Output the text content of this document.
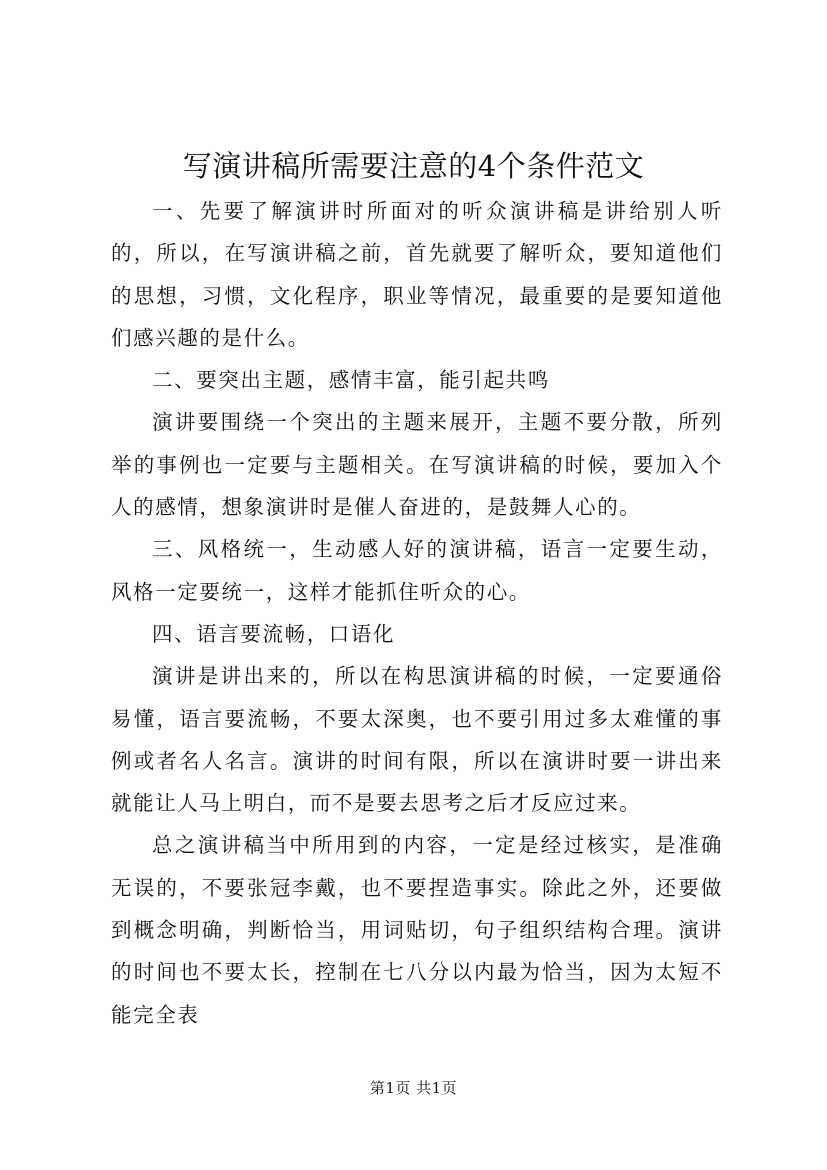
写演讲稿所需要注意的4个条件范文

一、先要了解演讲时所面对的听众演讲稿是讲给别人听的，所以，在写演讲稿之前，首先就要了解听众，要知道他们的思想，习惯，文化程序，职业等情况，最重要的是要知道他们感兴趣的是什么。

二、要突出主题，感情丰富，能引起共鸣

演讲要围绕一个突出的主题来展开，主题不要分散，所列举的事例也一定要与主题相关。在写演讲稿的时候，要加入个人的感情，想象演讲时是催人奋进的，是鼓舞人心的。

三、风格统一，生动感人好的演讲稿，语言一定要生动，风格一定要统一，这样才能抓住听众的心。

四、语言要流畅，口语化

演讲是讲出来的，所以在构思演讲稿的时候，一定要通俗易懂，语言要流畅，不要太深奥，也不要引用过多太难懂的事例或者名人名言。演讲的时间有限，所以在演讲时要一讲出来就能让人马上明白，而不是要去思考之后才反应过来。

总之演讲稿当中所用到的内容，一定是经过核实，是准确无误的，不要张冠李戴，也不要捏造事实。除此之外，还要做到概念明确，判断恰当，用词贴切，句子组织结构合理。演讲的时间也不要太长，控制在七八分以内最为恰当，因为太短不能完全表

第1页 共1页
